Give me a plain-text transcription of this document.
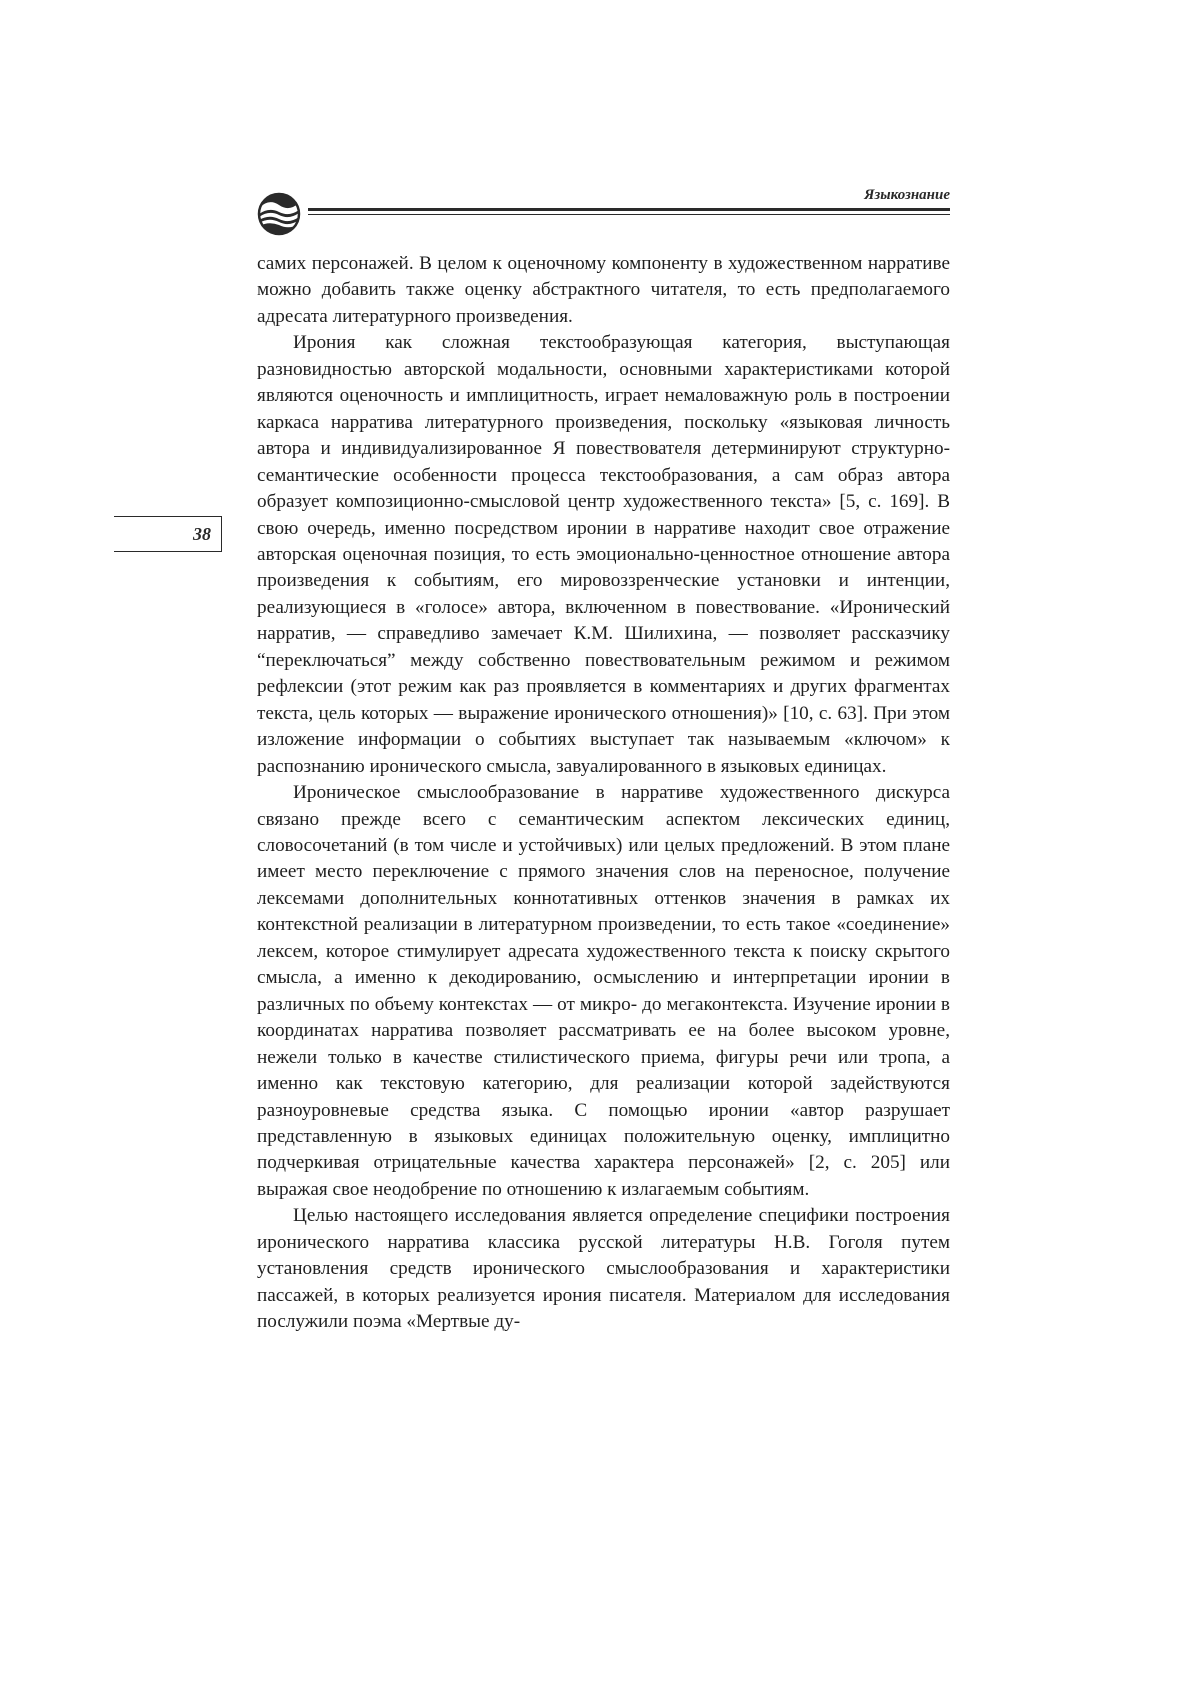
Языкознание
38

самих персонажей. В целом к оценочному компоненту в художественном нарративе можно добавить также оценку абстрактного читателя, то есть предполагаемого адресата литературного произведения.

Ирония как сложная текстообразующая категория, выступающая разновидностью авторской модальности, основными характеристиками которой являются оценочность и имплицитность, играет немаловажную роль в построении каркаса нарратива литературного произведения, поскольку «языковая личность автора и индивидуализированное Я повествователя детерминируют структурно-семантические особенности процесса текстообразования, а сам образ автора образует композиционно-смысловой центр художественного текста» [5, с. 169]. В свою очередь, именно посредством иронии в нарративе находит свое отражение авторская оценочная позиция, то есть эмоционально-ценностное отношение автора произведения к событиям, его мировоззренческие установки и интенции, реализующиеся в «голосе» автора, включенном в повествование. «Иронический нарратив, — справедливо замечает К.М. Шилихина, — позволяет рассказчику “переключаться” между собственно повествовательным режимом и режимом рефлексии (этот режим как раз проявляется в комментариях и других фрагментах текста, цель которых — выражение иронического отношения)» [10, с. 63]. При этом изложение информации о событиях выступает так называемым «ключом» к распознанию иронического смысла, завуалированного в языковых единицах.

Ироническое смыслообразование в нарративе художественного дискурса связано прежде всего с семантическим аспектом лексических единиц, словосочетаний (в том числе и устойчивых) или целых предложений. В этом плане имеет место переключение с прямого значения слов на переносное, получение лексемами дополнительных коннотативных оттенков значения в рамках их контекстной реализации в литературном произведении, то есть такое «соединение» лексем, которое стимулирует адресата художественного текста к поиску скрытого смысла, а именно к декодированию, осмыслению и интерпретации иронии в различных по объему контекстах — от микро- до мегаконтекста. Изучение иронии в координатах нарратива позволяет рассматривать ее на более высоком уровне, нежели только в качестве стилистического приема, фигуры речи или тропа, а именно как текстовую категорию, для реализации которой задействуются разноуровневые средства языка. С помощью иронии «автор разрушает представленную в языковых единицах положительную оценку, имплицитно подчеркивая отрицательные качества характера персонажей» [2, с. 205] или выражая свое неодобрение по отношению к излагаемым событиям.

Целью настоящего исследования является определение специфики построения иронического нарратива классика русской литературы Н.В. Гоголя путем установления средств иронического смыслообразования и характеристики пассажей, в которых реализуется ирония писателя. Материалом для исследования послужили поэма «Мертвые ду-
